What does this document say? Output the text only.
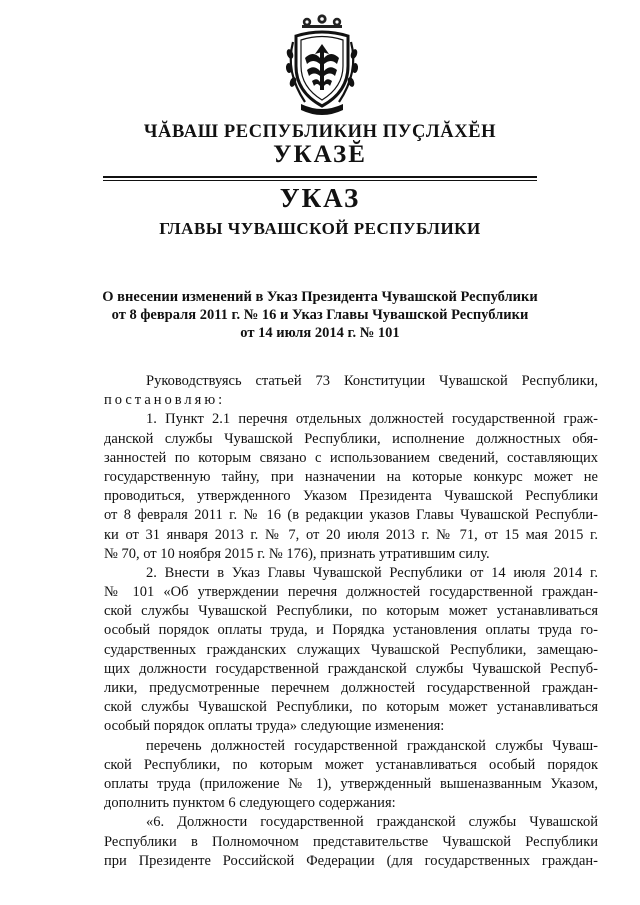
ЧĂВАШ РЕСПУБЛИКИН ПУÇЛĂХĔН
УКАЗĔ
УКАЗ
ГЛАВЫ ЧУВАШСКОЙ РЕСПУБЛИКИ
О внесении изменений в Указ Президента Чувашской Республики
от 8 февраля 2011 г. № 16 и Указ Главы Чувашской Республики
от 14 июля 2014 г. № 101
Руководствуясь статьей 73 Конституции Чувашской Республики,
постановляю:
1. Пункт 2.1 перечня отдельных должностей государственной граж-
данской службы Чувашской Республики, исполнение должностных обя-
занностей по которым связано с использованием сведений, составляющих
государственную тайну, при назначении на которые конкурс может не
проводиться, утвержденного Указом Президента Чувашской Республики
от 8 февраля 2011 г. № 16 (в редакции указов Главы Чувашской Республи-
ки от 31 января 2013 г. № 7, от 20 июля 2013 г. № 71, от 15 мая 2015 г.
№ 70, от 10 ноября 2015 г. № 176), признать утратившим силу.
2. Внести в Указ Главы Чувашской Республики от 14 июля 2014 г.
№ 101 «Об утверждении перечня должностей государственной граждан-
ской службы Чувашской Республики, по которым может устанавливаться
особый порядок оплаты труда, и Порядка установления оплаты труда го-
сударственных гражданских служащих Чувашской Республики, замещаю-
щих должности государственной гражданской службы Чувашской Респуб-
лики, предусмотренные перечнем должностей государственной граждан-
ской службы Чувашской Республики, по которым может устанавливаться
особый порядок оплаты труда» следующие изменения:
перечень должностей государственной гражданской службы Чуваш-
ской Республики, по которым может устанавливаться особый порядок
оплаты труда (приложение № 1), утвержденный вышеназванным Указом,
дополнить пунктом 6 следующего содержания:
«6. Должности государственной гражданской службы Чувашской
Республики в Полномочном представительстве Чувашской Республики
при Президенте Российской Федерации (для государственных граждан-
